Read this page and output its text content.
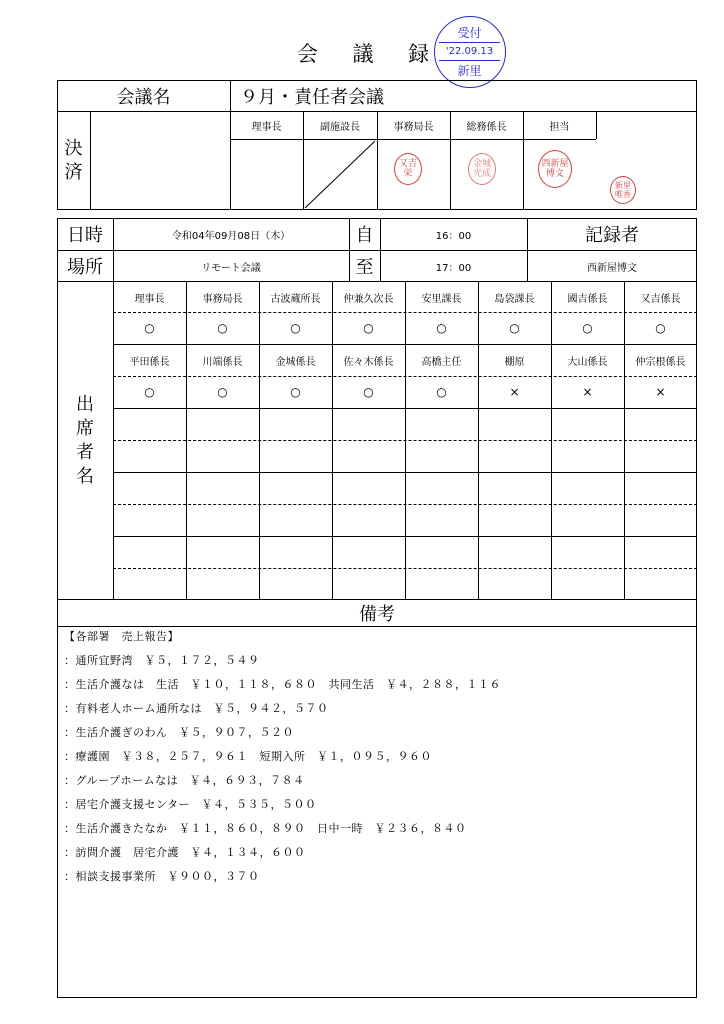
会 議 録
受付
'22.09.13
新里
会議名	９月・責任者会議
決
済
理事長	副施設長	事務局長	総務係長	担当
又吉
栄
金城
光成
西新屋
博文
新里
唯香
日時	令和04年09月08日（木）	自	16：00	記録者
場所	リモート会議	至	17：00	西新屋博文
出
席
者
名
理事長	事務局長	古波蔵所長	仲兼久次長	安里課長	島袋課長	國吉係長	又吉係長
○	○	○	○	○	○	○	○
平田係長	川端係長	金城係長	佐々木係長	高橋主任	棚原	大山係長	仲宗根係長
○	○	○	○	○	×	×	×
備考
【各部署　売上報告】
：通所宜野湾　￥５，１７２，５４９
：生活介護なは　生活　￥１０，１１８，６８０　共同生活　￥４，２８８，１１６
：有料老人ホーム通所なは　￥５，９４２，５７０
：生活介護ぎのわん　￥５，９０７，５２０
：療護園　￥３８，２５７，９６１　短期入所　￥１，０９５，９６０
：グループホームなは　￥４，６９３，７８４
：居宅介護支援センター　￥４，５３５，５００
：生活介護きたなか　￥１１，８６０，８９０　日中一時　￥２３６，８４０
：訪問介護　居宅介護　￥４，１３４，６００
：相談支援事業所　￥９００，３７０
